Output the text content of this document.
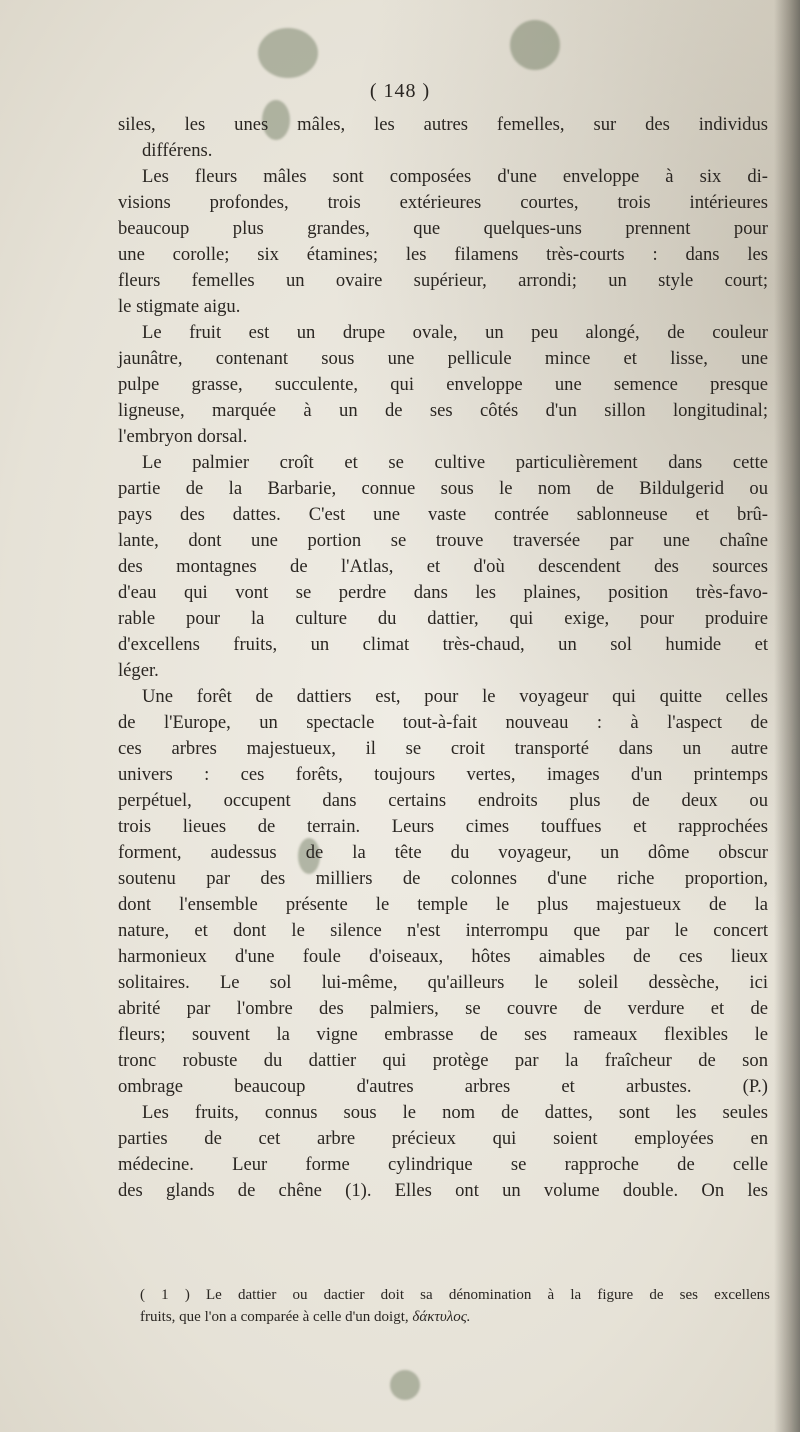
( 148 )
siles, les unes mâles, les autres femelles, sur des individus
différens.
Les fleurs mâles sont composées d'une enveloppe à six di-
visions profondes, trois extérieures courtes, trois intérieures
beaucoup plus grandes, que quelques-uns prennent pour
une corolle; six étamines; les filamens très-courts : dans les
fleurs femelles un ovaire supérieur, arrondi; un style court;
le stigmate aigu.
Le fruit est un drupe ovale, un peu alongé, de couleur
jaunâtre, contenant sous une pellicule mince et lisse, une
pulpe grasse, succulente, qui enveloppe une semence presque
ligneuse, marquée à un de ses côtés d'un sillon longitudinal;
l'embryon dorsal.
Le palmier croît et se cultive particulièrement dans cette
partie de la Barbarie, connue sous le nom de Bildulgerid ou
pays des dattes. C'est une vaste contrée sablonneuse et brû-
lante, dont une portion se trouve traversée par une chaîne
des montagnes de l'Atlas, et d'où descendent des sources
d'eau qui vont se perdre dans les plaines, position très-favo-
rable pour la culture du dattier, qui exige, pour produire
d'excellens fruits, un climat très-chaud, un sol humide et
léger.
Une forêt de dattiers est, pour le voyageur qui quitte celles
de l'Europe, un spectacle tout-à-fait nouveau : à l'aspect de
ces arbres majestueux, il se croit transporté dans un autre
univers : ces forêts, toujours vertes, images d'un printemps
perpétuel, occupent dans certains endroits plus de deux ou
trois lieues de terrain. Leurs cimes touffues et rapprochées
forment, audessus de la tête du voyageur, un dôme obscur
soutenu par des milliers de colonnes d'une riche proportion,
dont l'ensemble présente le temple le plus majestueux de la
nature, et dont le silence n'est interrompu que par le concert
harmonieux d'une foule d'oiseaux, hôtes aimables de ces lieux
solitaires. Le sol lui-même, qu'ailleurs le soleil dessèche, ici
abrité par l'ombre des palmiers, se couvre de verdure et de
fleurs; souvent la vigne embrasse de ses rameaux flexibles le
tronc robuste du dattier qui protège par la fraîcheur de son
ombrage beaucoup d'autres arbres et arbustes. (P.)
Les fruits, connus sous le nom de dattes, sont les seules
parties de cet arbre précieux qui soient employées en
médecine. Leur forme cylindrique se rapproche de celle
des glands de chêne (1). Elles ont un volume double. On les
( 1 ) Le dattier ou dactier doit sa dénomination à la figure de ses excellens
fruits, que l'on a comparée à celle d'un doigt, δάκτυλος.
